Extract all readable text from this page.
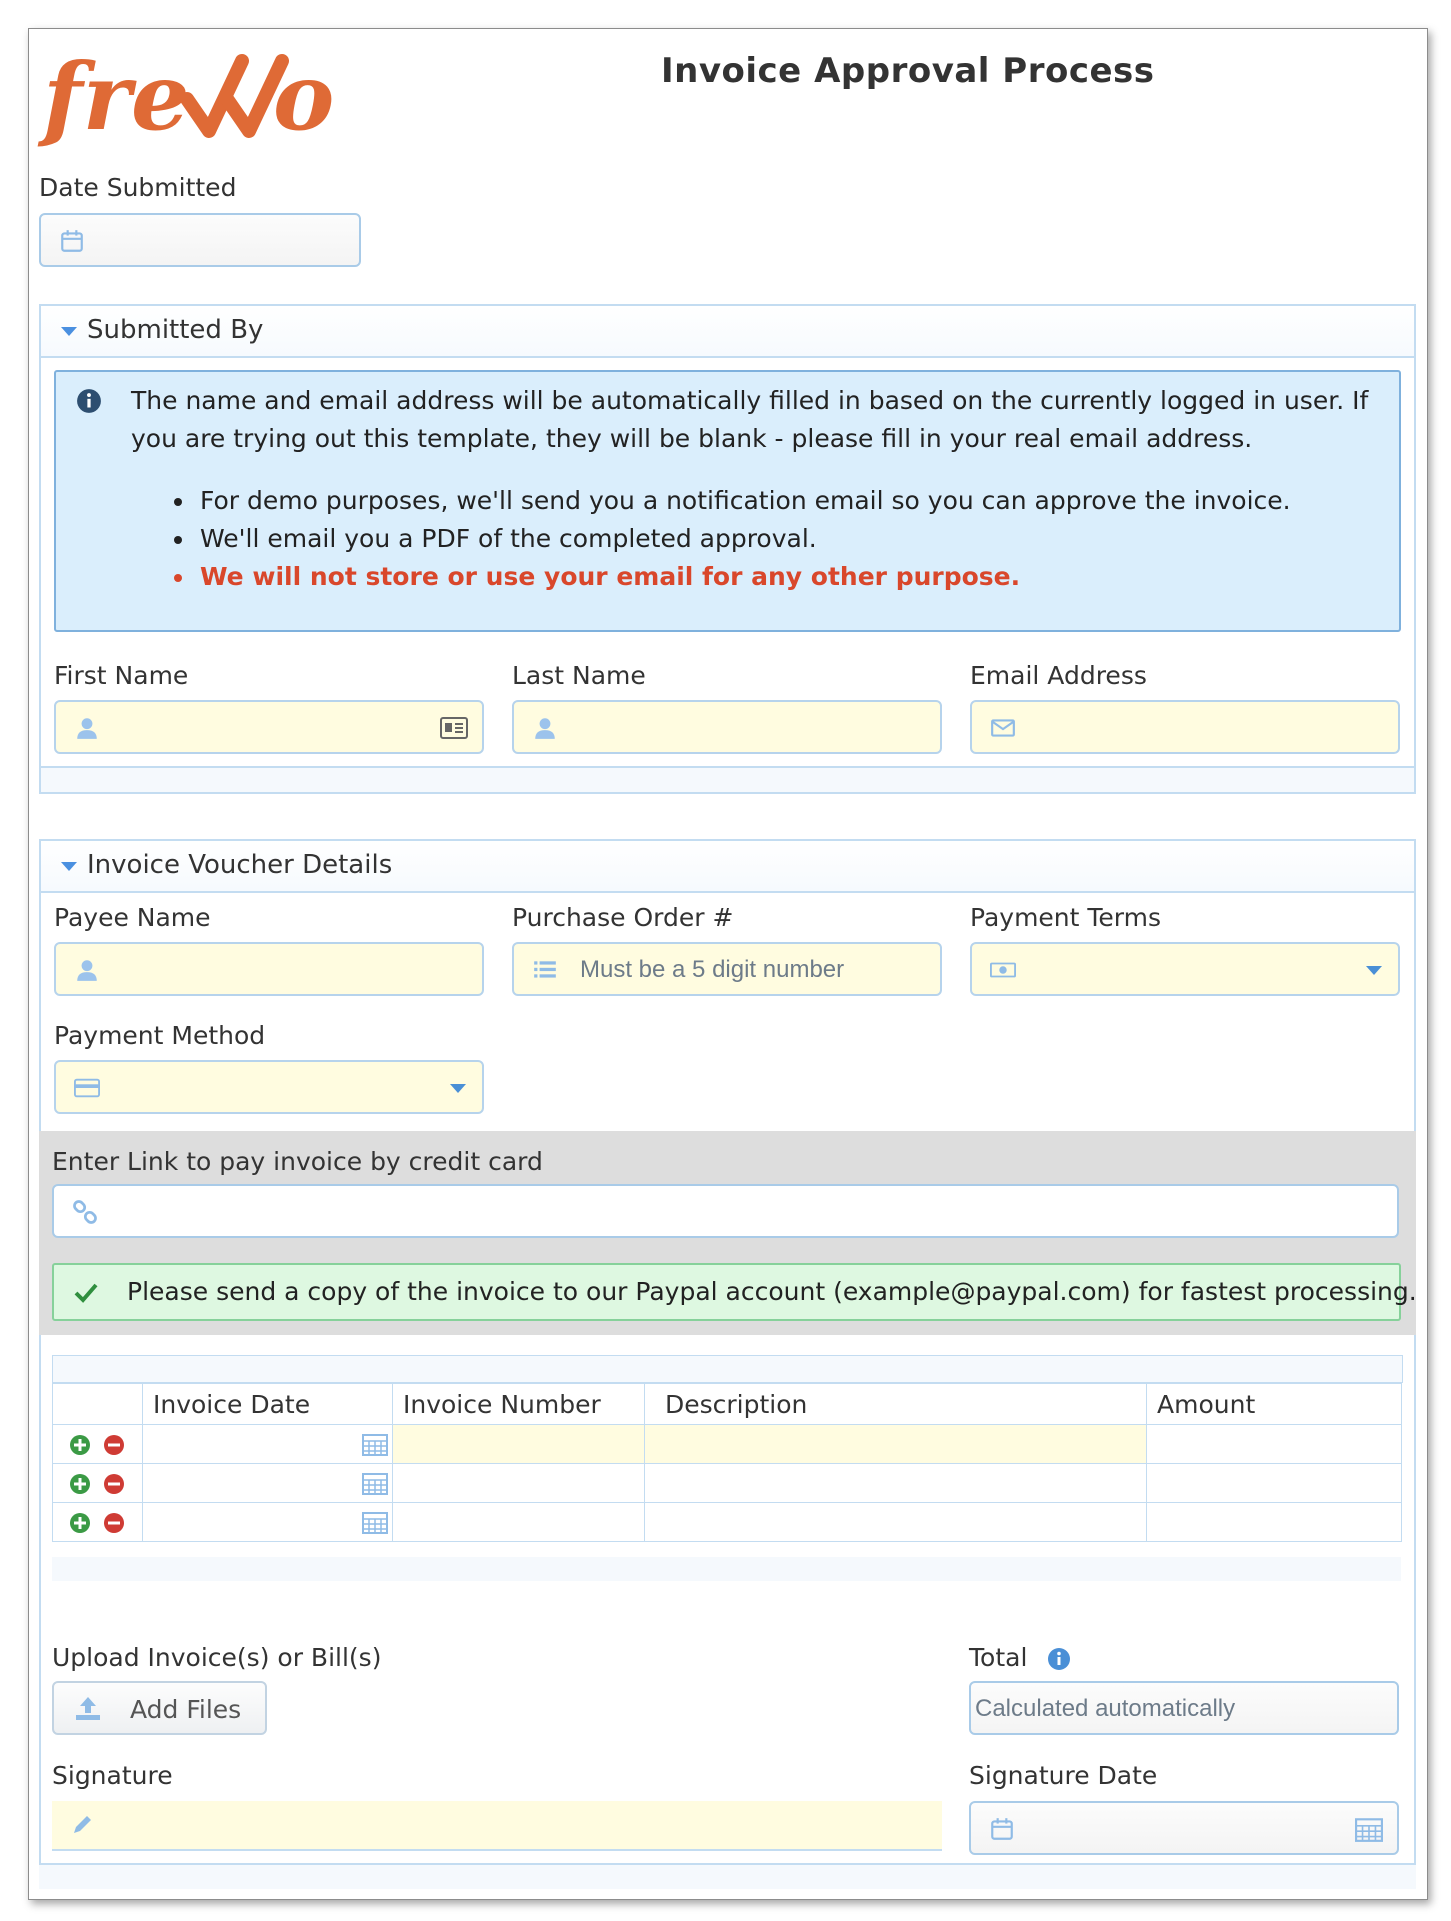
fre o	Invoice Approval Process
Date Submitted
Submitted By
The name and email address will be automatically filled in based on the currently logged in user. If you are trying out this template, they will be blank - please fill in your real email address.
• For demo purposes, we'll send you a notification email so you can approve the invoice.
• We'll email you a PDF of the completed approval.
• We will not store or use your email for any other purpose.
First Name	Last Name	Email Address
Invoice Voucher Details
Payee Name	Purchase Order #
Must be a 5 digit number
Payment Terms
Payment Method
Enter Link to pay invoice by credit card
Please send a copy of the invoice to our Paypal account (example@paypal.com) for fastest processing.
	Invoice Date	Invoice Number	Description	Amount

Upload Invoice(s) or Bill(s)
Add Files
Total
Calculated automatically
Signature	Signature Date
